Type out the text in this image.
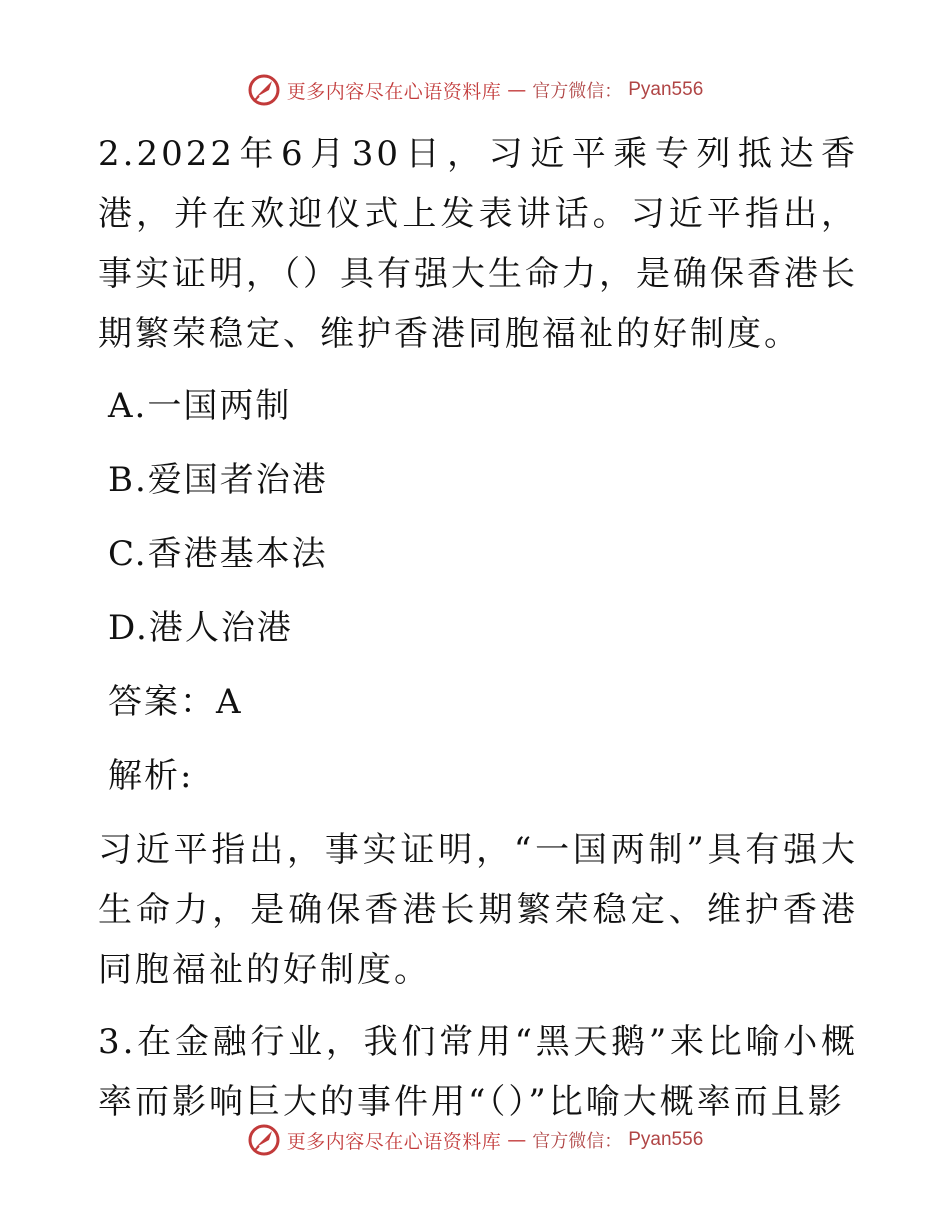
更多内容尽在心语资料库 — 官方微信： Pyan556

2.2022年6月30日，习近平乘专列抵达香港，并在欢迎仪式上发表讲话。习近平指出，事实证明，（）具有强大生命力，是确保香港长期繁荣稳定、维护香港同胞福祉的好制度。

A.一国两制

B.爱国者治港

C.香港基本法

D.港人治港

答案：A

解析:

习近平指出，事实证明，“一国两制”具有强大生命力，是确保香港长期繁荣稳定、维护香港同胞福祉的好制度。

3.在金融行业，我们常用“黑天鹅”来比喻小概率而影响巨大的事件用“（）”比喻大概率而且影

更多内容尽在心语资料库 — 官方微信： Pyan556
